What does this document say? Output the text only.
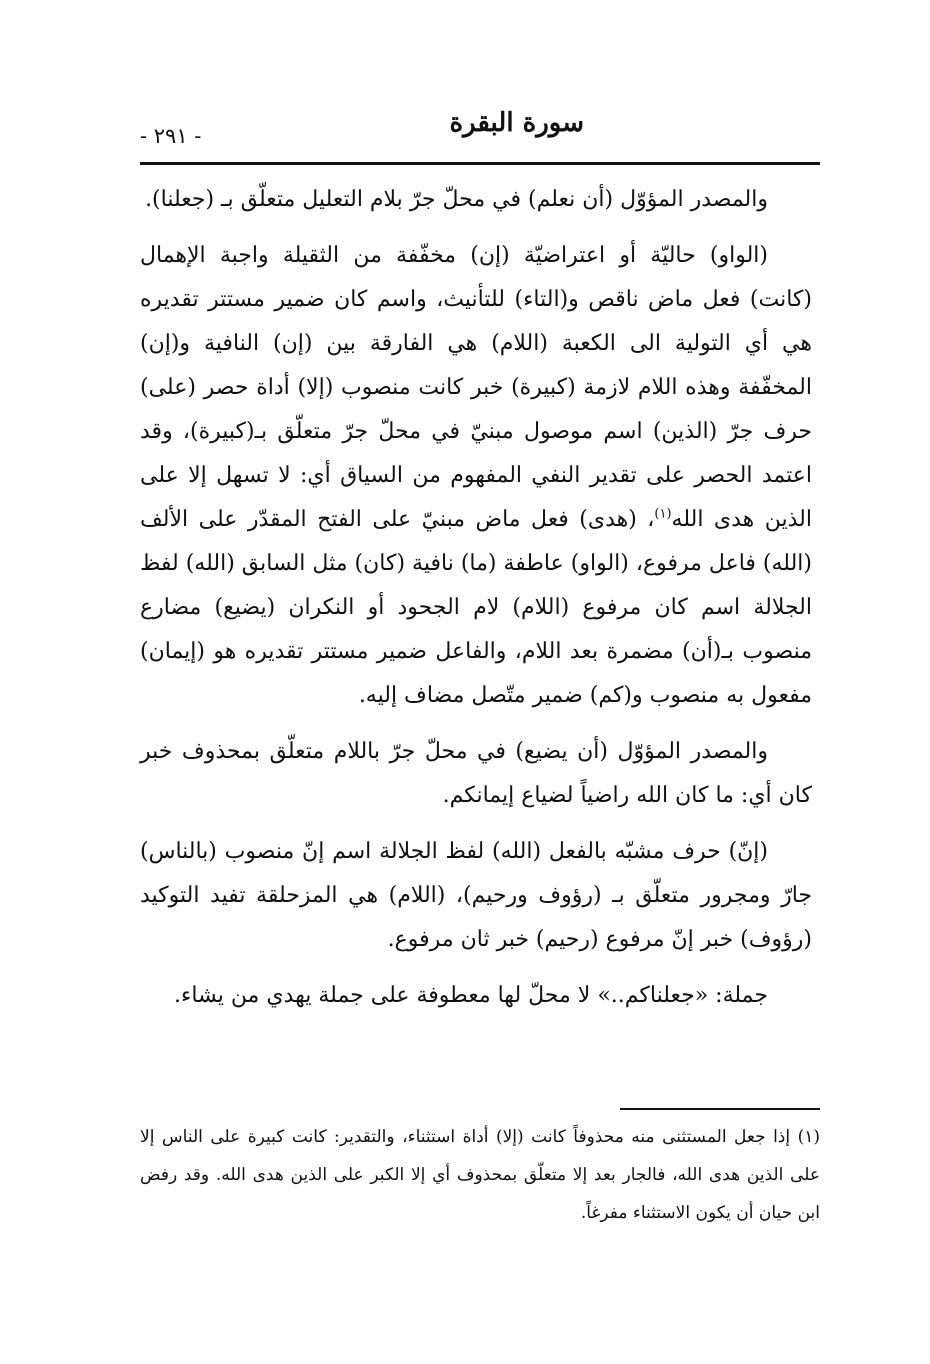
سورة البقرة
- ٢٩١ -

والمصدر المؤوّل (أن نعلم) في محلّ جرّ بلام التعليل متعلّق بـ (جعلنا).

(الواو) حاليّة أو اعتراضيّة (إن) مخفّفة من الثقيلة واجبة الإهمال (كانت) فعل ماض ناقص و(التاء) للتأنيث، واسم كان ضمير مستتر تقديره هي أي التولية الى الكعبة (اللام) هي الفارقة بين (إن) النافية و(إن) المخفّفة وهذه اللام لازمة (كبيرة) خبر كانت منصوب (إلا) أداة حصر (على) حرف جرّ (الذين) اسم موصول مبنيّ في محلّ جرّ متعلّق بـ(كبيرة)، وقد اعتمد الحصر على تقدير النفي المفهوم من السياق أي: لا تسهل إلا على الذين هدى الله$^{(١)}$، (هدى) فعل ماض مبنيّ على الفتح المقدّر على الألف (الله) فاعل مرفوع، (الواو) عاطفة (ما) نافية (كان) مثل السابق (الله) لفظ الجلالة اسم كان مرفوع (اللام) لام الجحود أو النكران (يضيع) مضارع منصوب بـ(أن) مضمرة بعد اللام، والفاعل ضمير مستتر تقديره هو (إيمان) مفعول به منصوب و(كم) ضمير متّصل مضاف إليه.

والمصدر المؤوّل (أن يضيع) في محلّ جرّ باللام متعلّق بمحذوف خبر كان أي: ما كان الله راضياً لضياع إيمانكم.

(إنّ) حرف مشبّه بالفعل (الله) لفظ الجلالة اسم إنّ منصوب (بالناس) جارّ ومجرور متعلّق بـ (رؤوف ورحيم)، (اللام) هي المزحلقة تفيد التوكيد (رؤوف) خبر إنّ مرفوع (رحيم) خبر ثان مرفوع.

جملة: «جعلناكم..» لا محلّ لها معطوفة على جملة يهدي من يشاء.

(١) إذا جعل المستثنى منه محذوفاً كانت (إلا) أداة استثناء، والتقدير: كانت كبيرة على الناس إلا على الذين هدى الله، فالجار بعد إلا متعلّق بمحذوف أي إلا الكبر على الذين هدى الله. وقد رفض ابن حيان أن يكون الاستثناء مفرغاً.
